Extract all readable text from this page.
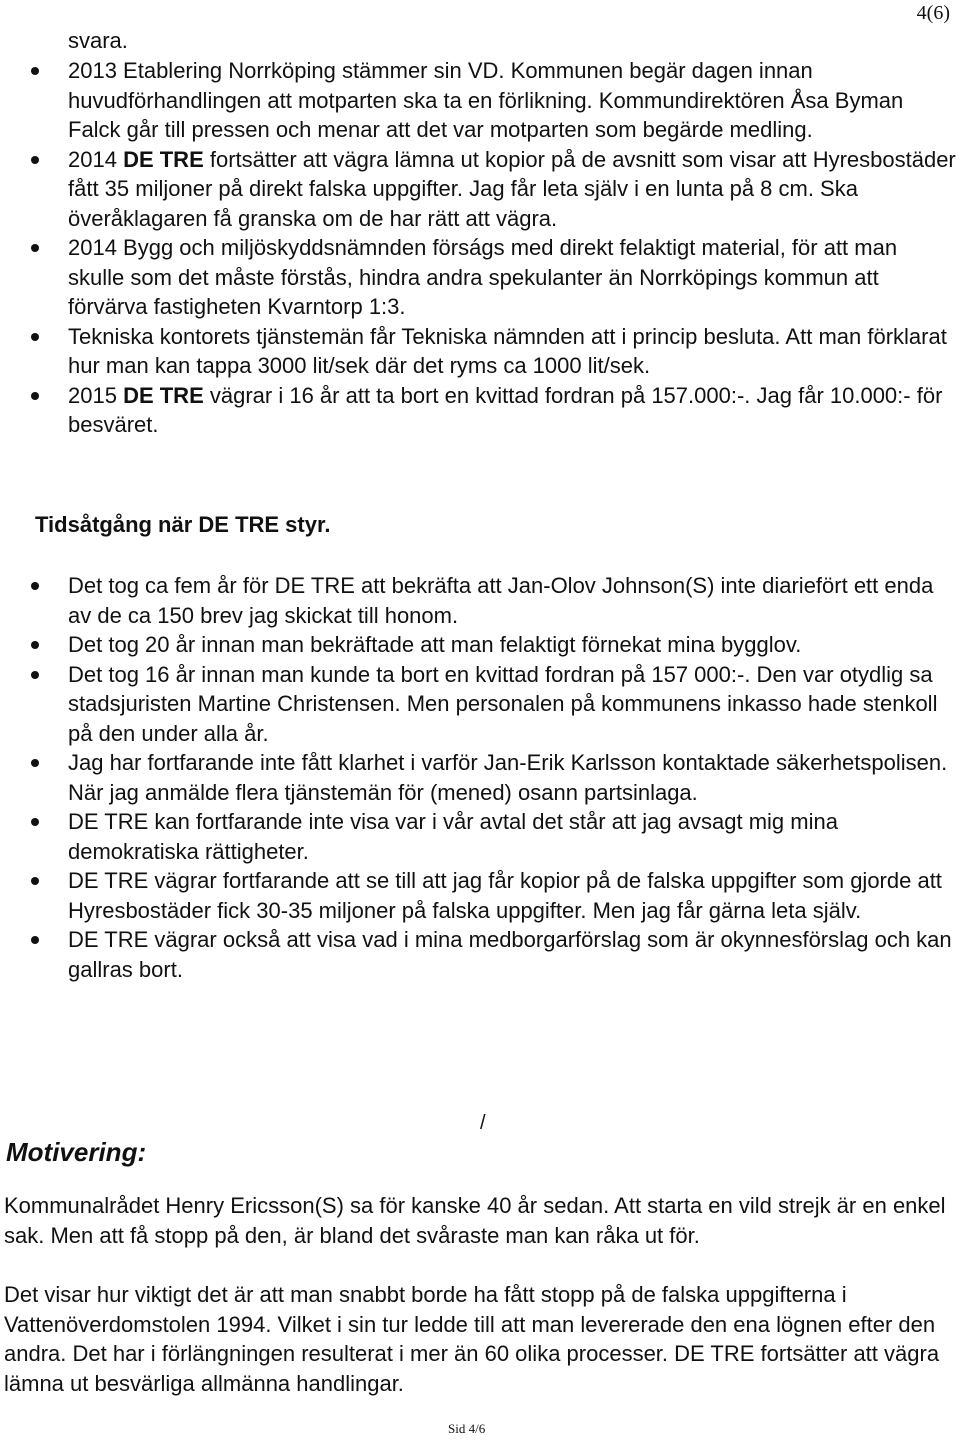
4(6)

svara.

2013 Etablering Norrköping stämmer sin VD. Kommunen begär dagen innan huvudförhandlingen att motparten ska ta en förlikning. Kommundirektören Åsa Byman Falck går till pressen och menar att det var motparten som begärde medling.
2014 DE TRE fortsätter att vägra lämna ut kopior på de avsnitt som visar att Hyresbostäder fått 35 miljoner på direkt falska uppgifter. Jag får leta själv i en lunta på 8 cm. Ska överåklagaren få granska om de har rätt att vägra.
2014 Bygg och miljöskyddsnämnden förságs med direkt felaktigt material, för att man skulle som det måste förstås, hindra andra spekulanter än Norrköpings kommun att förvärva fastigheten Kvarntorp 1:3.
Tekniska kontorets tjänstemän får Tekniska nämnden att i princip besluta. Att man förklarat hur man kan tappa 3000 lit/sek där det ryms ca 1000 lit/sek.
2015 DE TRE vägrar i 16 år att ta bort en kvittad fordran på 157.000:-. Jag får 10.000:- för besväret.
Tidsåtgång när DE TRE styr.
Det tog ca fem år för DE TRE att bekräfta att Jan-Olov Johnson(S) inte diariefört ett enda av de ca 150 brev jag skickat till honom.
Det tog 20 år innan man bekräftade att man felaktigt förnekat mina bygglov.
Det tog 16 år innan man kunde ta bort en kvittad fordran på 157 000:-. Den var otydlig sa stadsjuristen Martine Christensen. Men personalen på kommunens inkasso hade stenkoll på den under alla år.
Jag har fortfarande inte fått klarhet i varför Jan-Erik Karlsson kontaktade säkerhetspolisen. När jag anmälde flera tjänstemän för (mened) osann partsinlaga.
DE TRE kan fortfarande inte visa var i vår avtal det står att jag avsagt mig mina demokratiska rättigheter.
DE TRE vägrar fortfarande att se till att jag får kopior på de falska uppgifter som gjorde att Hyresbostäder fick 30-35 miljoner på falska uppgifter. Men jag får gärna leta själv.
DE TRE vägrar också att visa vad i mina medborgarförslag som är okynnesförslag och kan gallras bort.
/
Motivering:

Kommunalrådet Henry Ericsson(S) sa för kanske 40 år sedan. Att starta en vild strejk är en enkel sak. Men att få stopp på den, är bland det svåraste man kan råka ut för.

Det visar hur viktigt det är att man snabbt borde ha fått stopp på de falska uppgifterna i Vattenöverdomstolen 1994. Vilket i sin tur ledde till att man levererade den ena lögnen efter den andra. Det har i förlängningen resulterat i mer än 60 olika processer. DE TRE fortsätter att vägra lämna ut besvärliga allmänna handlingar.

Sid 4/6
